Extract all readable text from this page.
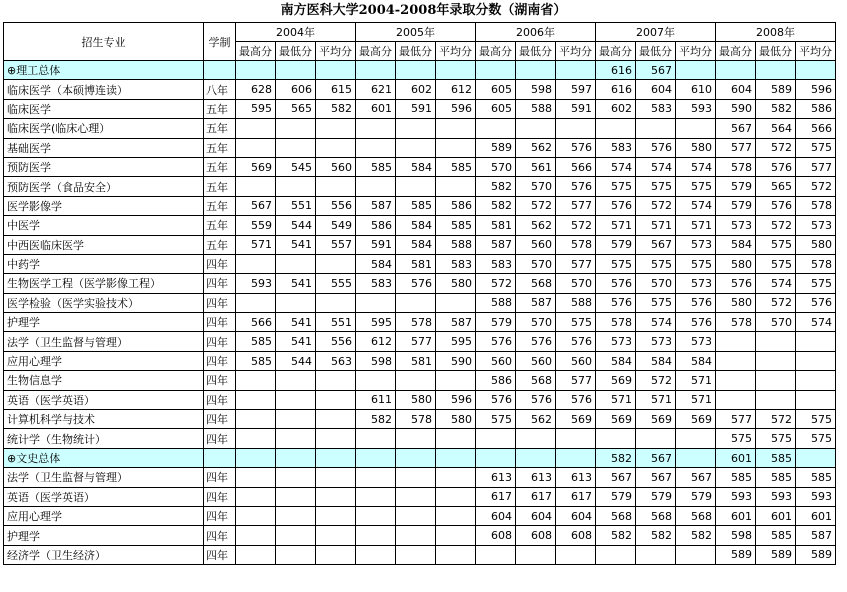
南方医科大学2004-2008年录取分数（湖南省）
招生专业	学制	2004年			2005年			2006年			2007年			2008年		
		最高分	最低分	平均分	最高分	最低分	平均分	最高分	最低分	平均分	最高分	最低分	平均分	最高分	最低分	平均分
⊕理工总体											616	567				
临床医学（本硕博连读）	八年	628	606	615	621	602	612	605	598	597	616	604	610	604	589	596
临床医学	五年	595	565	582	601	591	596	605	588	591	602	583	593	590	582	586
临床医学(临床心理）	五年													567	564	566
基础医学	五年							589	562	576	583	576	580	577	572	575
预防医学	五年	569	545	560	585	584	585	570	561	566	574	574	574	578	576	577
预防医学（食品安全）	五年							582	570	576	575	575	575	579	565	572
医学影像学	五年	567	551	556	587	585	586	582	572	577	576	572	574	579	576	578
中医学	五年	559	544	549	586	584	585	581	562	572	571	571	571	573	572	573
中西医临床医学	五年	571	541	557	591	584	588	587	560	578	579	567	573	584	575	580
中药学	四年				584	581	583	583	570	577	575	575	575	580	575	578
生物医学工程（医学影像工程）	四年	593	541	555	583	576	580	572	568	570	576	570	573	576	574	575
医学检验（医学实验技术）	四年							588	587	588	576	575	576	580	572	576
护理学	四年	566	541	551	595	578	587	579	570	575	578	574	576	578	570	574
法学（卫生监督与管理）	四年	585	541	556	612	577	595	576	576	576	573	573	573			
应用心理学	四年	585	544	563	598	581	590	560	560	560	584	584	584			
生物信息学	四年							586	568	577	569	572	571			
英语（医学英语）	四年				611	580	596	576	576	576	571	571	571			
计算机科学与技术	四年				582	578	580	575	562	569	569	569	569	577	572	575
统计学（生物统计）	四年													575	575	575
⊕文史总体											582	567		601	585	
法学（卫生监督与管理）	四年							613	613	613	567	567	567	585	585	585
英语（医学英语）	四年							617	617	617	579	579	579	593	593	593
应用心理学	四年							604	604	604	568	568	568	601	601	601
护理学	四年							608	608	608	582	582	582	598	585	587
经济学（卫生经济）	四年													589	589	589
